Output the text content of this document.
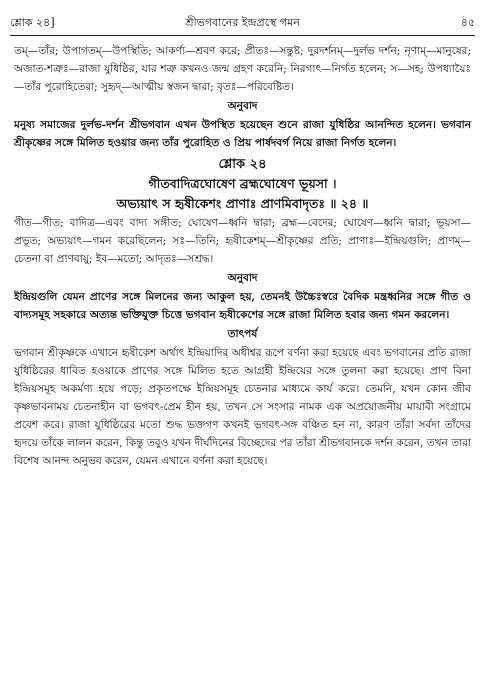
শ্লোক ২৪]	শ্রীভগবানের ইন্দ্রপ্রস্থে গমন	৪৫

তম্‌—তাঁর; উপাগতম্‌—উপস্থিতি; আকর্ণ্য—শ্রবণ করে; প্রীতঃ—সন্তুষ্ট; দুরদর্শনম্‌—দুর্লভ দর্শন; নৃণাম্‌—মানুষের; অজাত-শত্রুঃ—রাজা যুধিষ্ঠির, যার শত্রু কখনও জন্ম গ্রহণ করেনি; নিরগাৎ—নির্গত হলেন; স—সহ; উপধ্যায়ৈঃ—তাঁর পুরোহিতেরা; সুহৃদ্‌—আত্মীয় স্বজন দ্বারা; বৃতঃ—পরিবেষ্টিত।

অনুবাদ

মনুষ্য সমাজের দুর্লভ-দর্শন শ্রীভগবান এখন উপস্থিত হয়েছেন শুনে রাজা যুধিষ্ঠির আনন্দিত হলেন। ভগবান শ্রীকৃষ্ণের সঙ্গে মিলিত হওয়ার জন্য তাঁর পুরোহিত ও প্রিয় পার্ষদবর্গ নিয়ে রাজা নির্গত হলেন।

শ্লোক ২৪

গীতবাদিত্রঘোষেণ ব্রহ্মঘোষেণ ভূয়সা ।

অভ্যয়াৎ স হৃষীকেশং প্রাণাঃ প্রাণমিবাদৃতঃ ॥ ২৪ ॥

গীত—গীত; বাদিত্র—এবং বাদ্য সঙ্গীত; ঘোষেণ—ধ্বনি দ্বারা; ব্রহ্ম—বেদের; ঘোষেণ—ধ্বনি দ্বারা; ভূয়সা—প্রভূত; অভ্যয়াৎ—গমন করেছিলেন; সঃ—তিনি; হৃষীকেশম্‌—শ্রীকৃষ্ণের প্রতি; প্রাণাঃ—ইন্দ্রিয়গুলি; প্রাণম্‌—চেতনা বা প্রাণবায়ু; ইব—মতো; আদৃতঃ—সশ্রদ্ধ।

অনুবাদ

ইন্দ্রিয়গুলি যেমন প্রাণের সঙ্গে মিলনের জন্য আকুল হয়, তেমনই উচ্চৈঃস্বরে বৈদিক মন্ত্রধ্বনির সঙ্গে গীত ও বাদ্যসমূহ সহকারে অত্যন্ত ভক্তিযুক্ত চিত্তে ভগবান হৃষীকেশের সঙ্গে রাজা মিলিত হবার জন্য গমন করলেন।

তাৎপর্য

ভগবান শ্রীকৃষ্ণকে এখানে হৃষীকেশ অর্থাৎ ইন্দ্রিয়াদির অধীশ্বর রূপে বর্ণনা করা হয়েছে এবং ভগবানের প্রতি রাজা যুধিষ্ঠিরের ধাবিত হওয়াকে প্রাণের সঙ্গে মিলিত হতে আগ্রহী ইন্দ্রিয়ের সঙ্গে তুলনা করা হয়েছে। প্রাণ বিনা ইন্দ্রিয়সমূহ অকর্মণ্য হয়ে পড়ে; প্রকৃতপক্ষে ইন্দ্রিয়সমূহ চেতনার মাধ্যমে কার্য করে। তেমনি, যখন কোন জীব কৃষ্ণভাবনাময় চেতনাহীন বা ভগবৎ-প্রেম হীন হয়, তখন সে সংসার নামক এক অপ্রয়োজনীয় মায়াবী সংগ্রামে প্রবেশ করে। রাজা যুধিষ্ঠিরের মতো শুদ্ধ ভক্তগণ কখনই ভগবৎ-সঙ্গ বঞ্চিত হন না, কারণ তাঁরা সর্বদা তাঁদের হৃদয়ে তাঁকে লালন করেন, কিন্তু তবুও যখন দীর্ঘদিনের বিচ্ছেদের পর তাঁরা শ্রীভগবানকে দর্শন করেন, তখন তারা বিশেষ আনন্দ অনুভব করেন, যেমন এখানে বর্ণনা করা হয়েছে।
